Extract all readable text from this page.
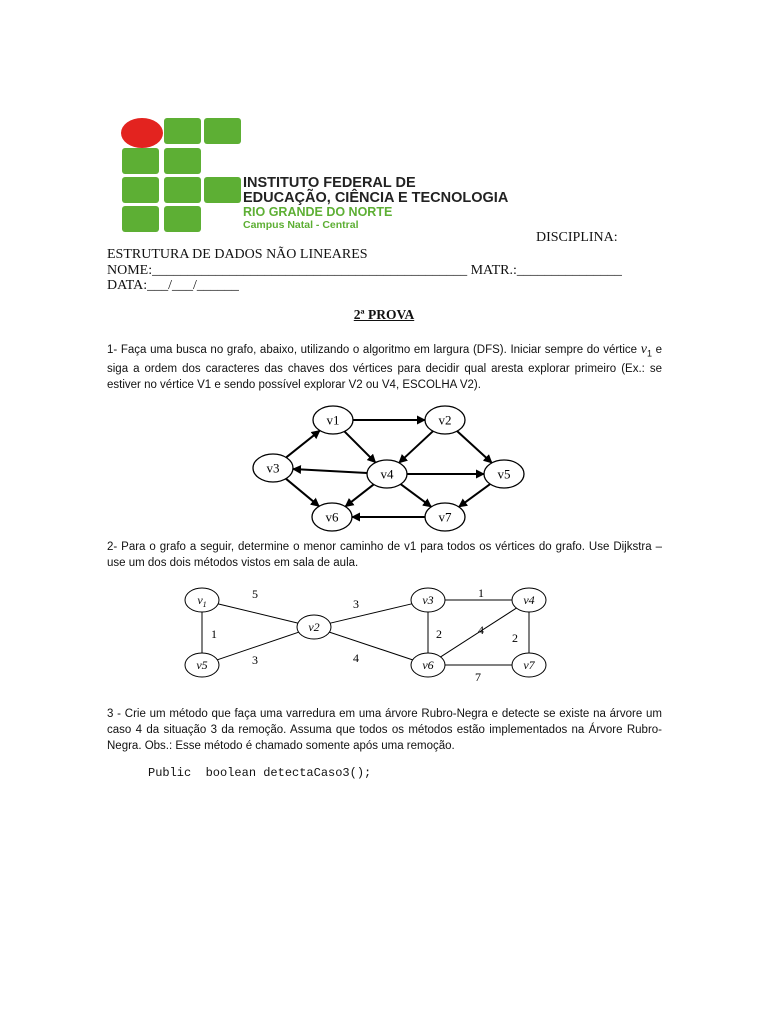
INSTITUTO FEDERAL DE
EDUCAÇÃO, CIÊNCIA E TECNOLOGIA
RIO GRANDE DO NORTE
Campus Natal - Central
DISCIPLINA:
ESTRUTURA DE DADOS NÃO LINEARES
NOME:_____________________________________________ MATR.:_______________
DATA:___/___/______
2ª PROVA
1- Faça uma busca no grafo, abaixo, utilizando o algoritmo em largura (DFS). Iniciar sempre do vértice $v_1$ e siga a ordem dos caracteres das chaves dos vértices para decidir qual aresta explorar primeiro (Ex.: se estiver no vértice V1 e sendo possível explorar V2 ou V4, ESCOLHA V2).
v1	v2
v3	v4	v5
v6	v7
2- Para o grafo a seguir, determine o menor caminho de v1 para todos os vértices do grafo. Use Dijkstra – use um dos dois métodos vistos em sala de aula.
5
1
3
3
4
1
2	4
2
7
$v_1$
v2
v3	v4
v5	v6	v7
3 - Crie um método que faça uma varredura em uma árvore Rubro-Negra e detecte se existe na árvore um caso 4 da situação 3 da remoção. Assuma que todos os métodos estão implementados na Árvore Rubro-Negra. Obs.: Esse método é chamado somente após uma remoção.
Public  boolean detectaCaso3();
